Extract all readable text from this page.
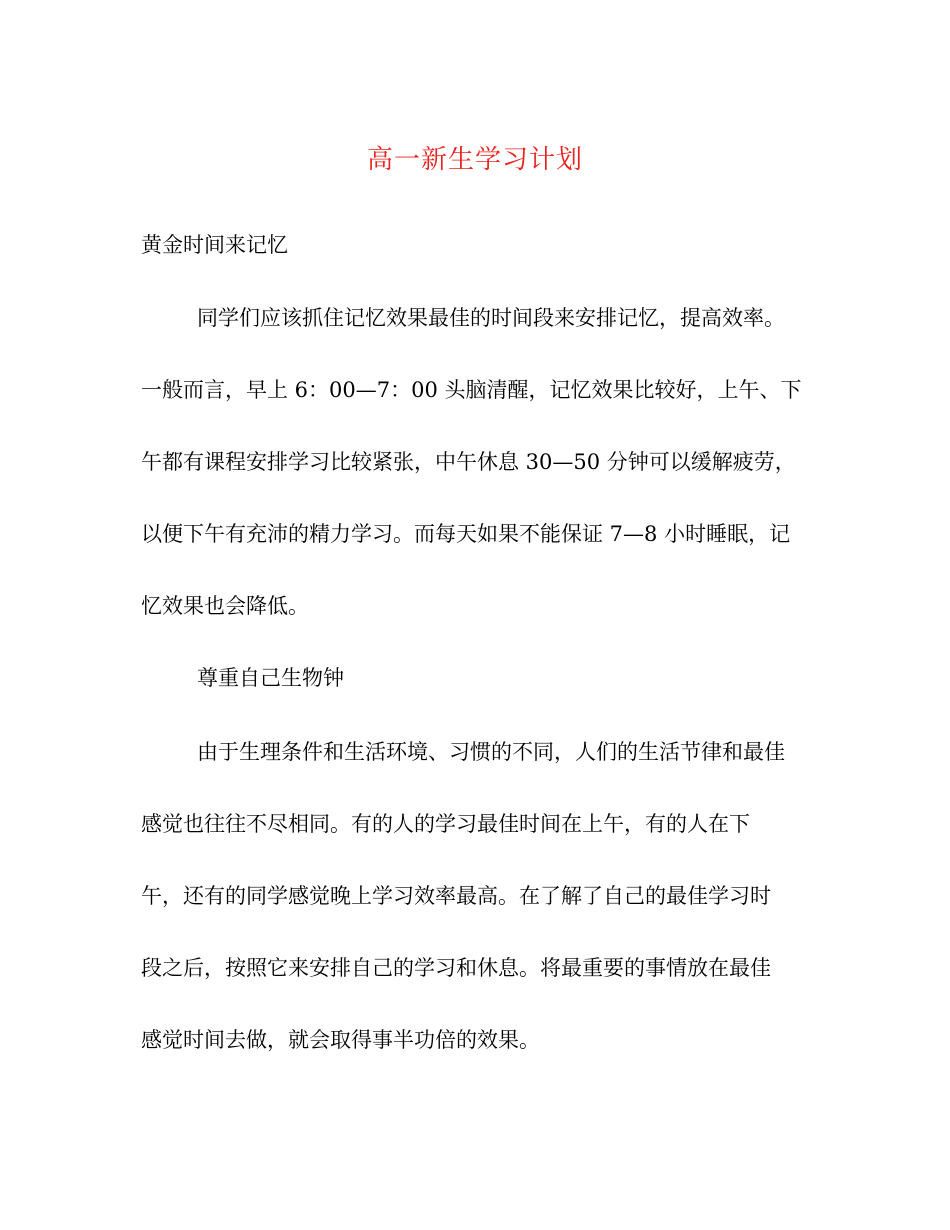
高一新生学习计划
黄金时间来记忆

同学们应该抓住记忆效果最佳的时间段来安排记忆，提高效率。

一般而言，早上 6：00—7：00 头脑清醒，记忆效果比较好，上午、下

午都有课程安排学习比较紧张，中午休息 30—50 分钟可以缓解疲劳，

以便下午有充沛的精力学习。而每天如果不能保证 7—8 小时睡眠，记

忆效果也会降低。

尊重自己生物钟

由于生理条件和生活环境、习惯的不同，人们的生活节律和最佳

感觉也往往不尽相同。有的人的学习最佳时间在上午，有的人在下

午，还有的同学感觉晚上学习效率最高。在了解了自己的最佳学习时

段之后，按照它来安排自己的学习和休息。将最重要的事情放在最佳

感觉时间去做，就会取得事半功倍的效果。
